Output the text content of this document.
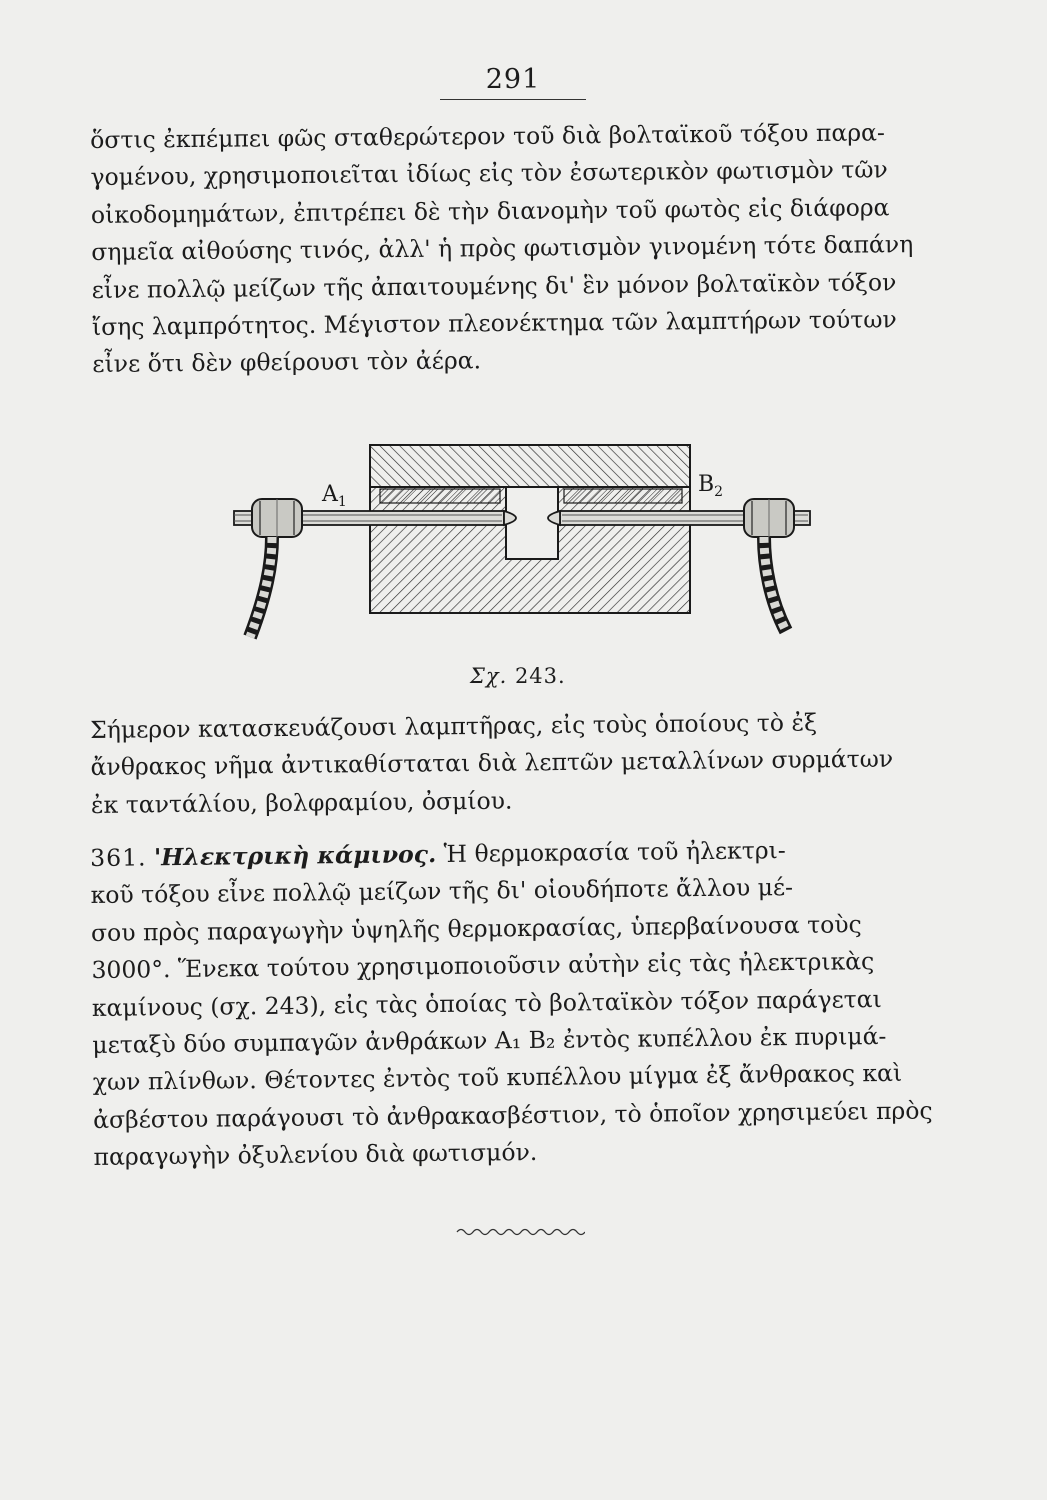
291
ὅστις ἐκπέμπει φῶς σταθερώτερον τοῦ διὰ βολταϊκοῦ τόξου παρα-
γομένου, χρησιμοποιεῖται ἰδίως εἰς τὸν ἐσωτερικὸν φωτισμὸν τῶν
οἰκοδομημάτων, ἐπιτρέπει δὲ τὴν διανομὴν τοῦ φωτὸς εἰς διάφορα
σημεῖα αἰθούσης τινός, ἀλλ' ἡ πρὸς φωτισμὸν γινομένη τότε δαπάνη
εἶνε πολλῷ μείζων τῆς ἀπαιτουμένης δι' ἓν μόνον βολταϊκὸν τόξον
ἴσης λαμπρότητος. Μέγιστον πλεονέκτημα τῶν λαμπτήρων τούτων
εἶνε ὅτι δὲν φθείρουσι τὸν ἀέρα.
$A_1$
$B_2$
Σχ. 243.
Σήμερον κατασκευάζουσι λαμπτῆρας, εἰς τοὺς ὁποίους τὸ ἐξ
ἄνθρακος νῆμα ἀντικαθίσταται διὰ λεπτῶν μεταλλίνων συρμάτων
ἐκ ταντάλίου, βολφραμίου, ὀσμίου.
361. 'Ηλεκτρικὴ κάμινος. Ἡ θερμοκρασία τοῦ ἠλεκτρι-
κοῦ τόξου εἶνε πολλῷ μείζων τῆς δι' οἱουδήποτε ἄλλου μέ-
σου πρὸς παραγωγὴν ὑψηλῆς θερμοκρασίας, ὑπερβαίνουσα τοὺς
3000°. Ἕνεκα τούτου χρησιμοποιοῦσιν αὐτὴν εἰς τὰς ἠλεκτρικὰς
καμίνους (σχ. 243), εἰς τὰς ὁποίας τὸ βολταϊκὸν τόξον παράγεται
μεταξὺ δύο συμπαγῶν ἀνθράκων A₁ B₂ ἐντὸς κυπέλλου ἐκ πυριμά-
χων πλίνθων. Θέτοντες ἐντὸς τοῦ κυπέλλου μίγμα ἐξ ἄνθρακος καὶ
ἀσβέστου παράγουσι τὸ ἀνθρακασβέστιον, τὸ ὁποῖον χρησιμεύει πρὸς
παραγωγὴν ὀξυλενίου διὰ φωτισμόν.
